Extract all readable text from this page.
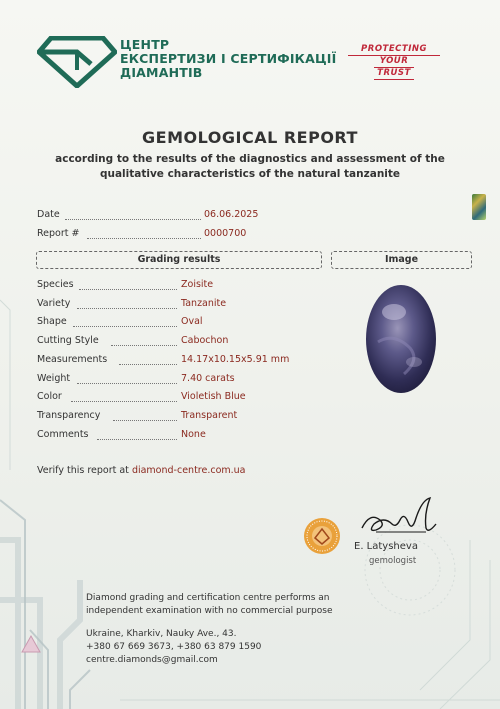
ЦЕНТР
ЕКСПЕРТИЗИ І СЕРТИФІКАЦІЇ
ДІАМАНТІВ
PROTECTING
YOUR
TRUST
GEMOLOGICAL REPORT
according to the results of the diagnostics and assessment of the
qualitative characteristics of the natural tanzanite
Date	06.06.2025
Report #	0000700
Grading results	Image
Species	Zoisite
Variety	Tanzanite
Shape	Oval
Cutting Style	Cabochon
Measurements	14.17x10.15x5.91 mm
Weight	7.40 carats
Color	Violetish Blue
Transparency	Transparent
Comments	None
Verify this report at diamond-centre.com.ua
E. Latysheva
gemologist
Diamond grading and certification centre performs an
independent examination with no commercial purpose
Ukraine, Kharkiv, Nauky Ave., 43.
+380 67 669 3673, +380 63 879 1590
centre.diamonds@gmail.com
